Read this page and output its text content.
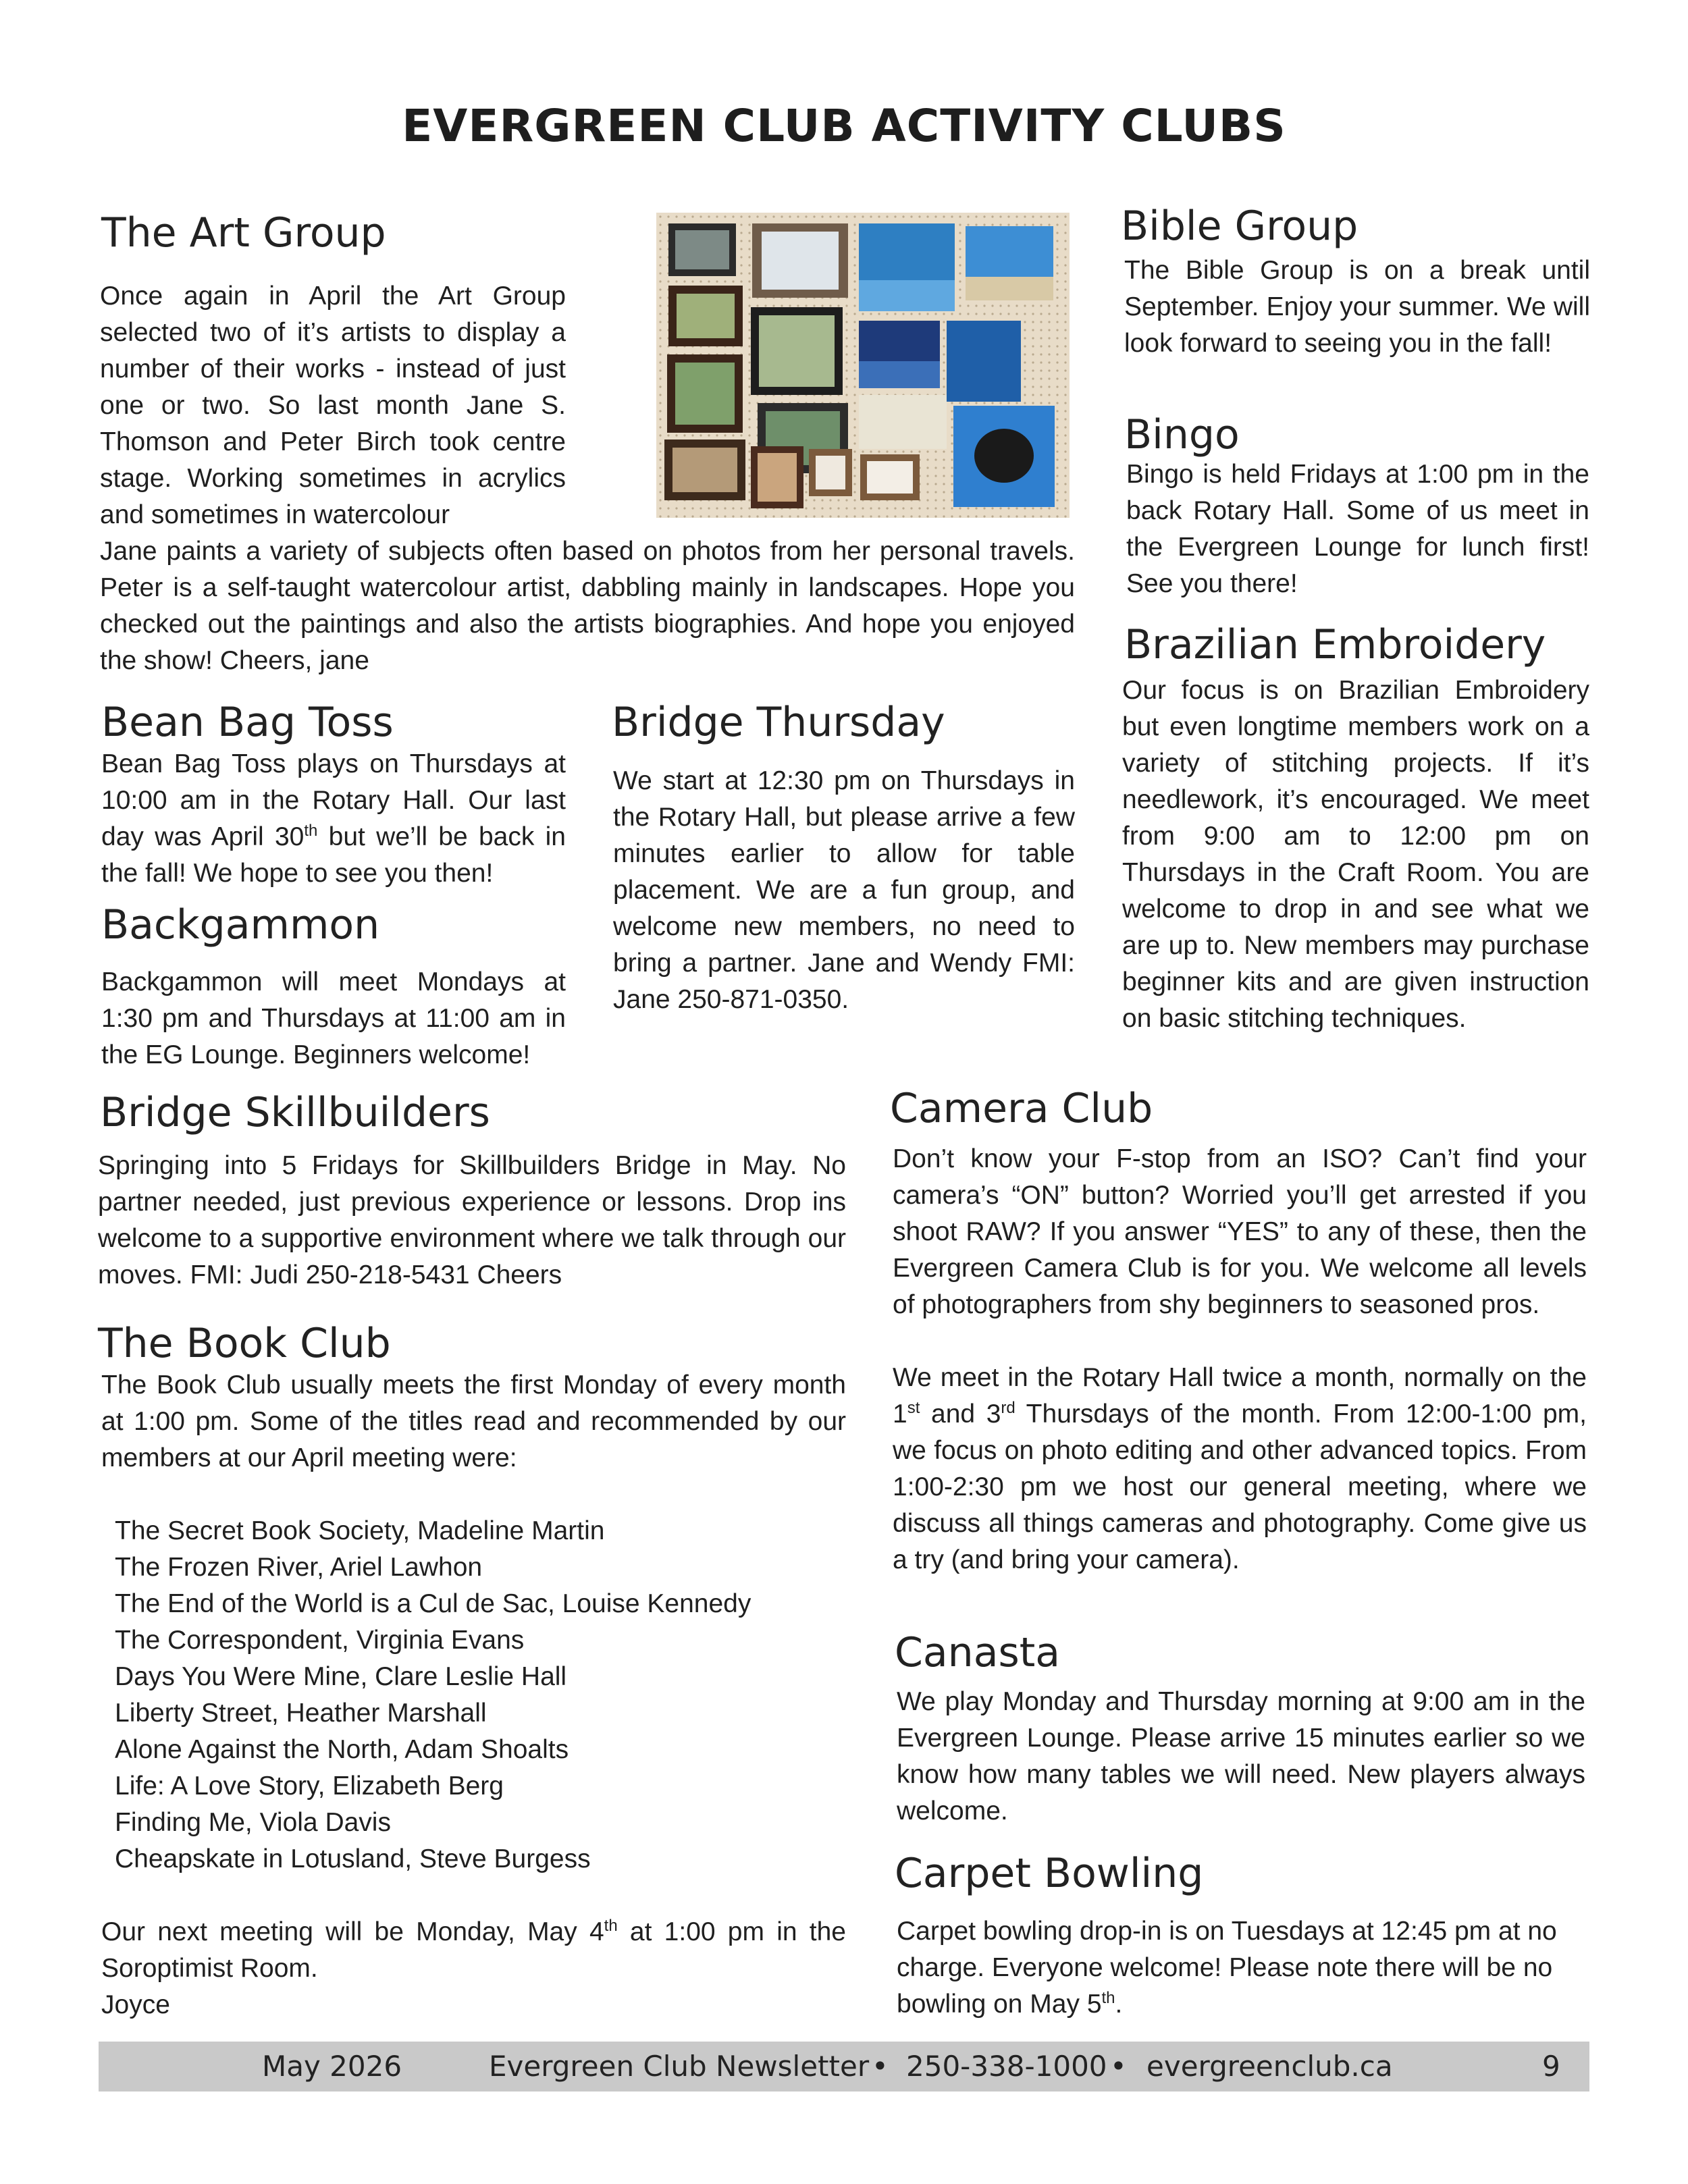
EVERGREEN CLUB ACTIVITY CLUBS
The Art Group
Once again in April the Art Group selected two of it’s artists to display a number of their works - instead of just one or two. So last month Jane S. Thomson and Peter Birch took centre stage. Working sometimes in acrylics and sometimes in watercolour
Jane paints a variety of subjects often based on photos from her personal travels. Peter is a self-taught watercolour artist, dabbling mainly in landscapes. Hope you checked out the paintings and also the artists biographies. And hope you enjoyed the show! Cheers, jane
Bible Group
The Bible Group is on a break until September. Enjoy your summer. We will look forward to seeing you in the fall!
Bingo
Bingo is held Fridays at 1:00 pm in the back Rotary Hall. Some of us meet in the Evergreen Lounge for lunch first! See you there!
Brazilian Embroidery
Our focus is on Brazilian Embroidery but even longtime members work on a variety of stitching projects. If it’s needlework, it’s encouraged. We meet from 9:00 am to 12:00 pm on Thursdays in the Craft Room. You are welcome to drop in and see what we are up to. New members may purchase beginner kits and are given instruction on basic stitching techniques.
Bean Bag Toss
Bean Bag Toss plays on Thursdays at 10:00 am in the Rotary Hall. Our last day was April 30th but we’ll be back in the fall! We hope to see you then!
Backgammon
Backgammon will meet Mondays at 1:30 pm and Thursdays at 11:00 am in the EG Lounge. Beginners welcome!
Bridge Thursday
We start at 12:30 pm on Thursdays in the Rotary Hall, but please arrive a few minutes earlier to allow for table placement. We are a fun group, and welcome new members, no need to bring a partner. Jane and Wendy FMI: Jane 250-871-0350.
Bridge Skillbuilders
Springing into 5 Fridays for Skillbuilders Bridge in May. No partner needed, just previous experience or lessons. Drop ins welcome to a supportive environment where we talk through our moves. FMI: Judi 250-218-5431 Cheers
The Book Club

The Book Club usually meets the first Monday of every month at 1:00 pm. Some of the titles read and recommended by our members at our April meeting were:

The Secret Book Society, Madeline Martin
The Frozen River, Ariel Lawhon
The End of the World is a Cul de Sac, Louise Kennedy
The Correspondent, Virginia Evans
Days You Were Mine, Clare Leslie Hall
Liberty Street, Heather Marshall
Alone Against the North, Adam Shoalts
Life: A Love Story, Elizabeth Berg
Finding Me, Viola Davis
Cheapskate in Lotusland, Steve Burgess

Our next meeting will be Monday, May 4th at 1:00 pm in the Soroptimist Room.

Joyce

Camera Club

Don’t know your F-stop from an ISO? Can’t find your camera’s “ON” button? Worried you’ll get arrested if you shoot RAW? If you answer “YES” to any of these, then the Evergreen Camera Club is for you. We welcome all levels of photographers from shy beginners to seasoned pros.

We meet in the Rotary Hall twice a month, normally on the 1st and 3rd Thursdays of the month. From 12:00-1:00 pm, we focus on photo editing and other advanced topics. From 1:00-2:30 pm we host our general meeting, where we discuss all things cameras and photography. Come give us a try (and bring your camera).

Canasta
We play Monday and Thursday morning at 9:00 am in the Evergreen Lounge. Please arrive 15 minutes earlier so we know how many tables we will need. New players always welcome.
Carpet Bowling
Carpet bowling drop-in is on Tuesdays at 12:45 pm at no charge. Everyone welcome! Please note there will be no bowling on May 5th.
May 2026	Evergreen Club Newsletter • 250-338-1000 • evergreenclub.ca	9
